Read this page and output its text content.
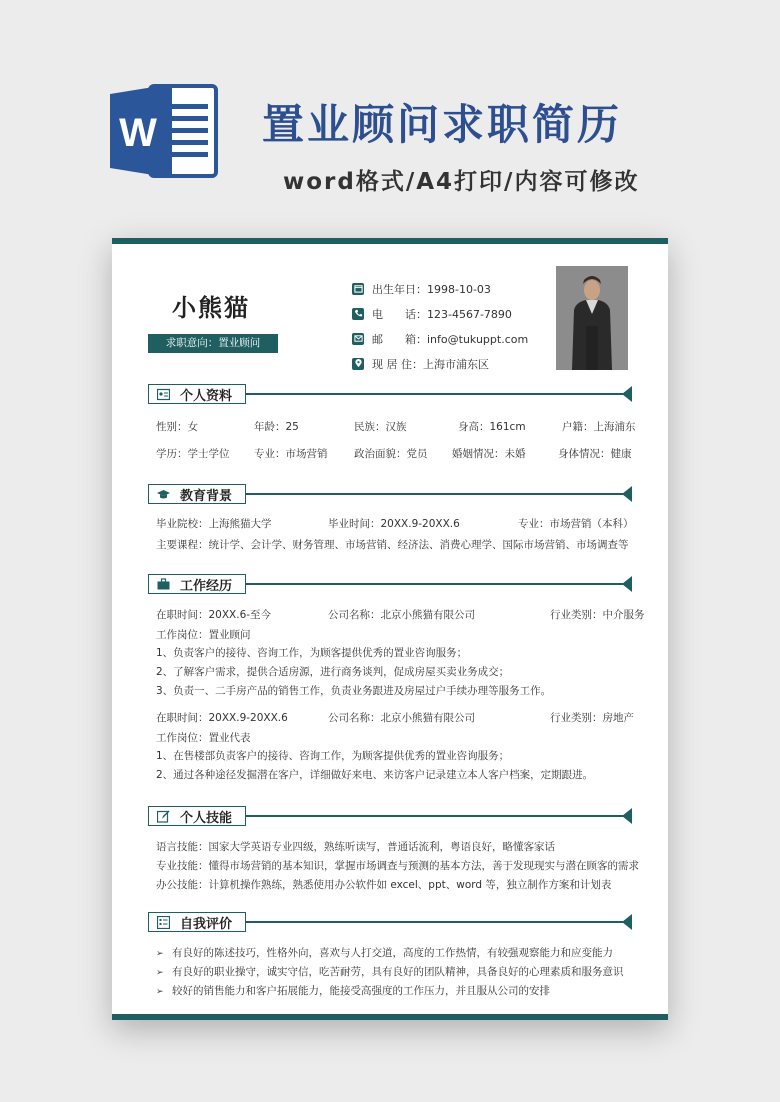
W	置业顾问求职简历
word格式/A4打印/内容可修改
小熊猫
求职意向：置业顾问
出生年日：1998-10-03
电　　话：123-4567-7890
邮　　箱：info@tukuppt.com
现 居 住：上海市浦东区
个人资料
性别：女	年龄：25	民族：汉族	身高：161cm	户籍：上海浦东
学历：学士学位 专业：市场营销	政治面貌：党员 婚姻情况：未婚	身体情况：健康
教育背景
毕业院校：上海熊猫大学	毕业时间：20XX.9-20XX.6	专业：市场营销（本科）
主要课程：统计学、会计学、财务管理、市场营销、经济法、消费心理学、国际市场营销、市场调查等
工作经历
在职时间：20XX.6-至今	公司名称：北京小熊猫有限公司	行业类别：中介服务
工作岗位：置业顾问
1、负责客户的接待、咨询工作，为顾客提供优秀的置业咨询服务；
2、了解客户需求，提供合适房源，进行商务谈判，促成房屋买卖业务成交；
3、负责一、二手房产品的销售工作，负责业务跟进及房屋过户手续办理等服务工作。
在职时间：20XX.9-20XX.6	公司名称：北京小熊猫有限公司	行业类别：房地产
工作岗位：置业代表
1、在售楼部负责客户的接待、咨询工作，为顾客提供优秀的置业咨询服务；
2、通过各种途径发掘潜在客户，详细做好来电、来访客户记录建立本人客户档案，定期跟进。
个人技能
语言技能：国家大学英语专业四级，熟练听读写，普通话流利，粤语良好，略懂客家话
专业技能：懂得市场营销的基本知识，掌握市场调查与预测的基本方法，善于发现现实与潜在顾客的需求
办公技能：计算机操作熟练，熟悉使用办公软件如 excel、ppt、word 等，独立制作方案和计划表
自我评价
➢ 有良好的陈述技巧，性格外向，喜欢与人打交道，高度的工作热情，有较强观察能力和应变能力
➢ 有良好的职业操守，诚实守信，吃苦耐劳，具有良好的团队精神，具备良好的心理素质和服务意识
➢ 较好的销售能力和客户拓展能力，能接受高强度的工作压力，并且服从公司的安排
